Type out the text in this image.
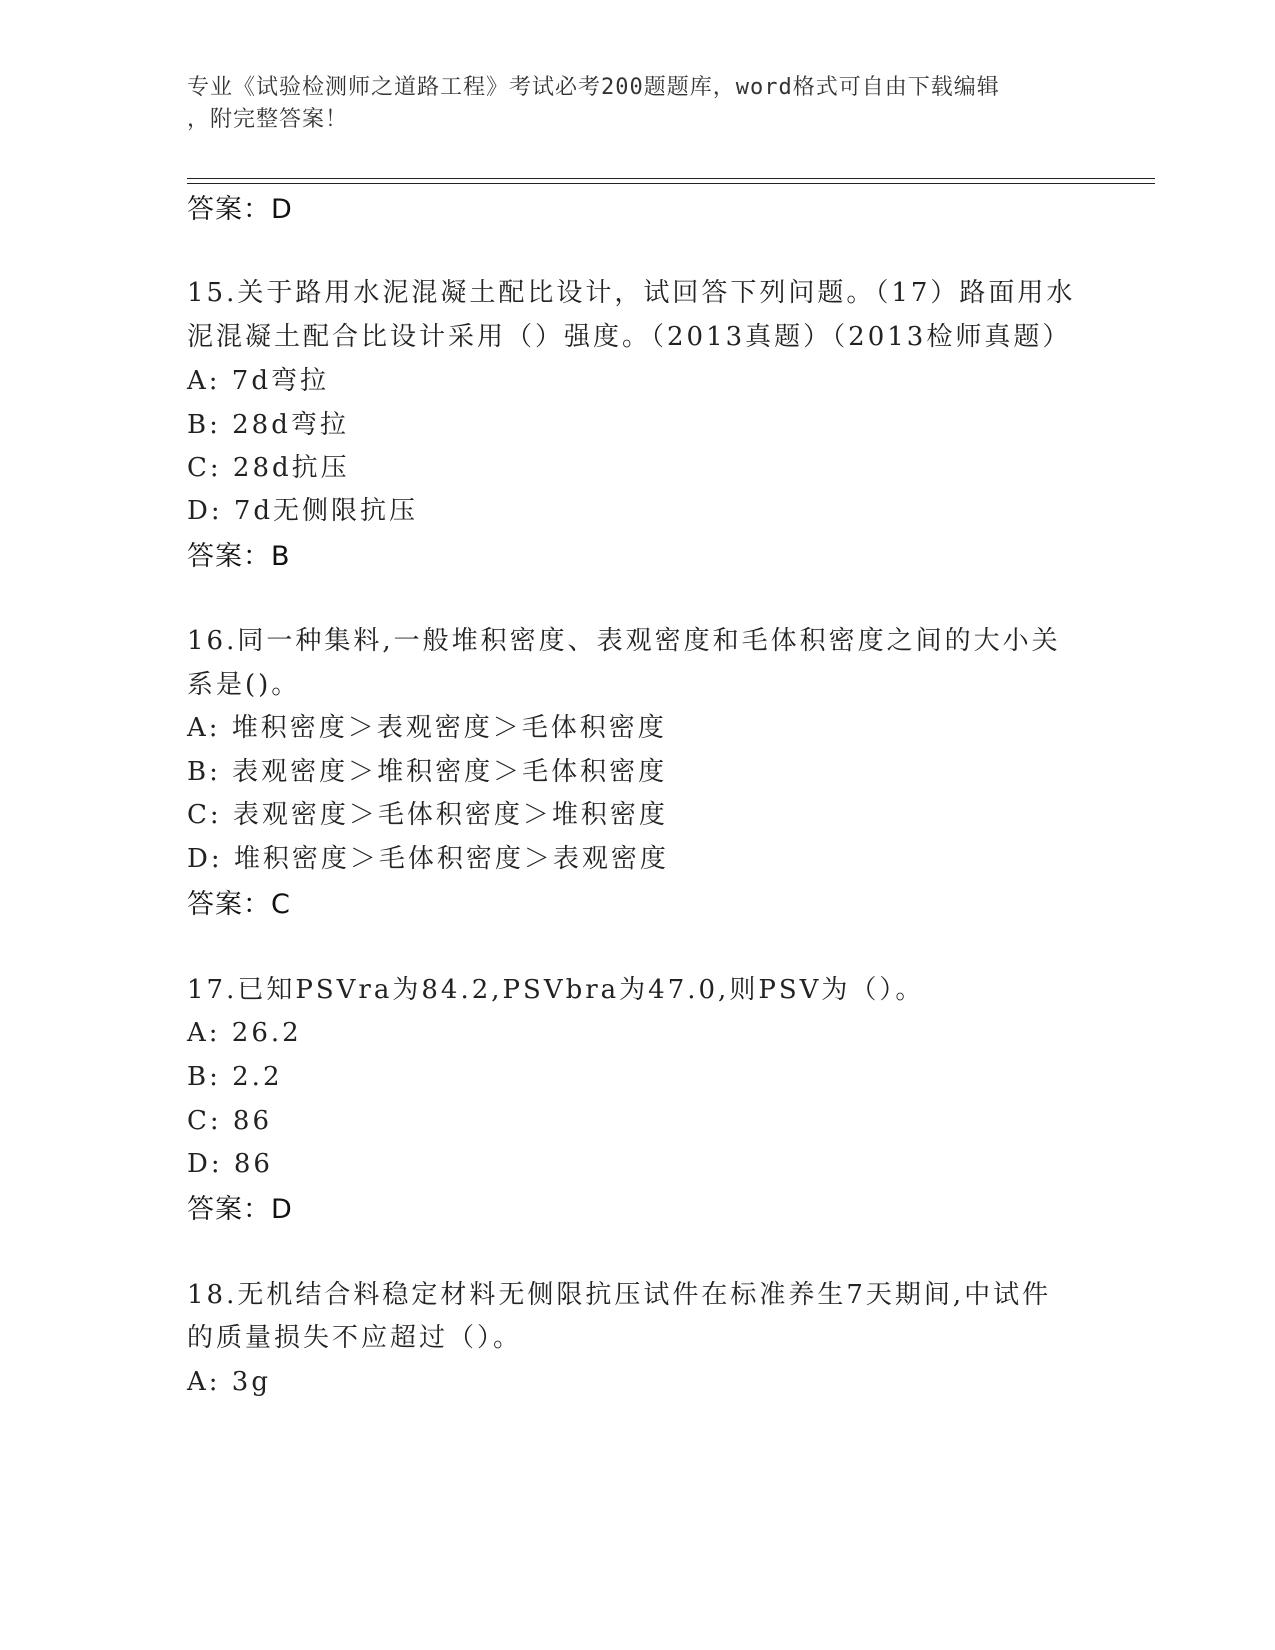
专业《试验检测师之道路工程》考试必考200题题库，word格式可自由下载编辑
，附完整答案！
答案：D
15.关于路用水泥混凝土配比设计，试回答下列问题。（17）路面用水
泥混凝土配合比设计采用（）强度。（2013真题）（2013检师真题）
A: 7d弯拉
B: 28d弯拉
C: 28d抗压
D: 7d无侧限抗压
答案：B
16.同一种集料,一般堆积密度、表观密度和毛体积密度之间的大小关
系是()。
A: 堆积密度＞表观密度＞毛体积密度
B: 表观密度＞堆积密度＞毛体积密度
C: 表观密度＞毛体积密度＞堆积密度
D: 堆积密度＞毛体积密度＞表观密度
答案：C
17.已知PSVra为84.2,PSVbra为47.0,则PSV为（）。
A: 26.2
B: 2.2
C: 86
D: 86
答案：D
18.无机结合料稳定材料无侧限抗压试件在标准养生7天期间,中试件
的质量损失不应超过（）。
A: 3g
